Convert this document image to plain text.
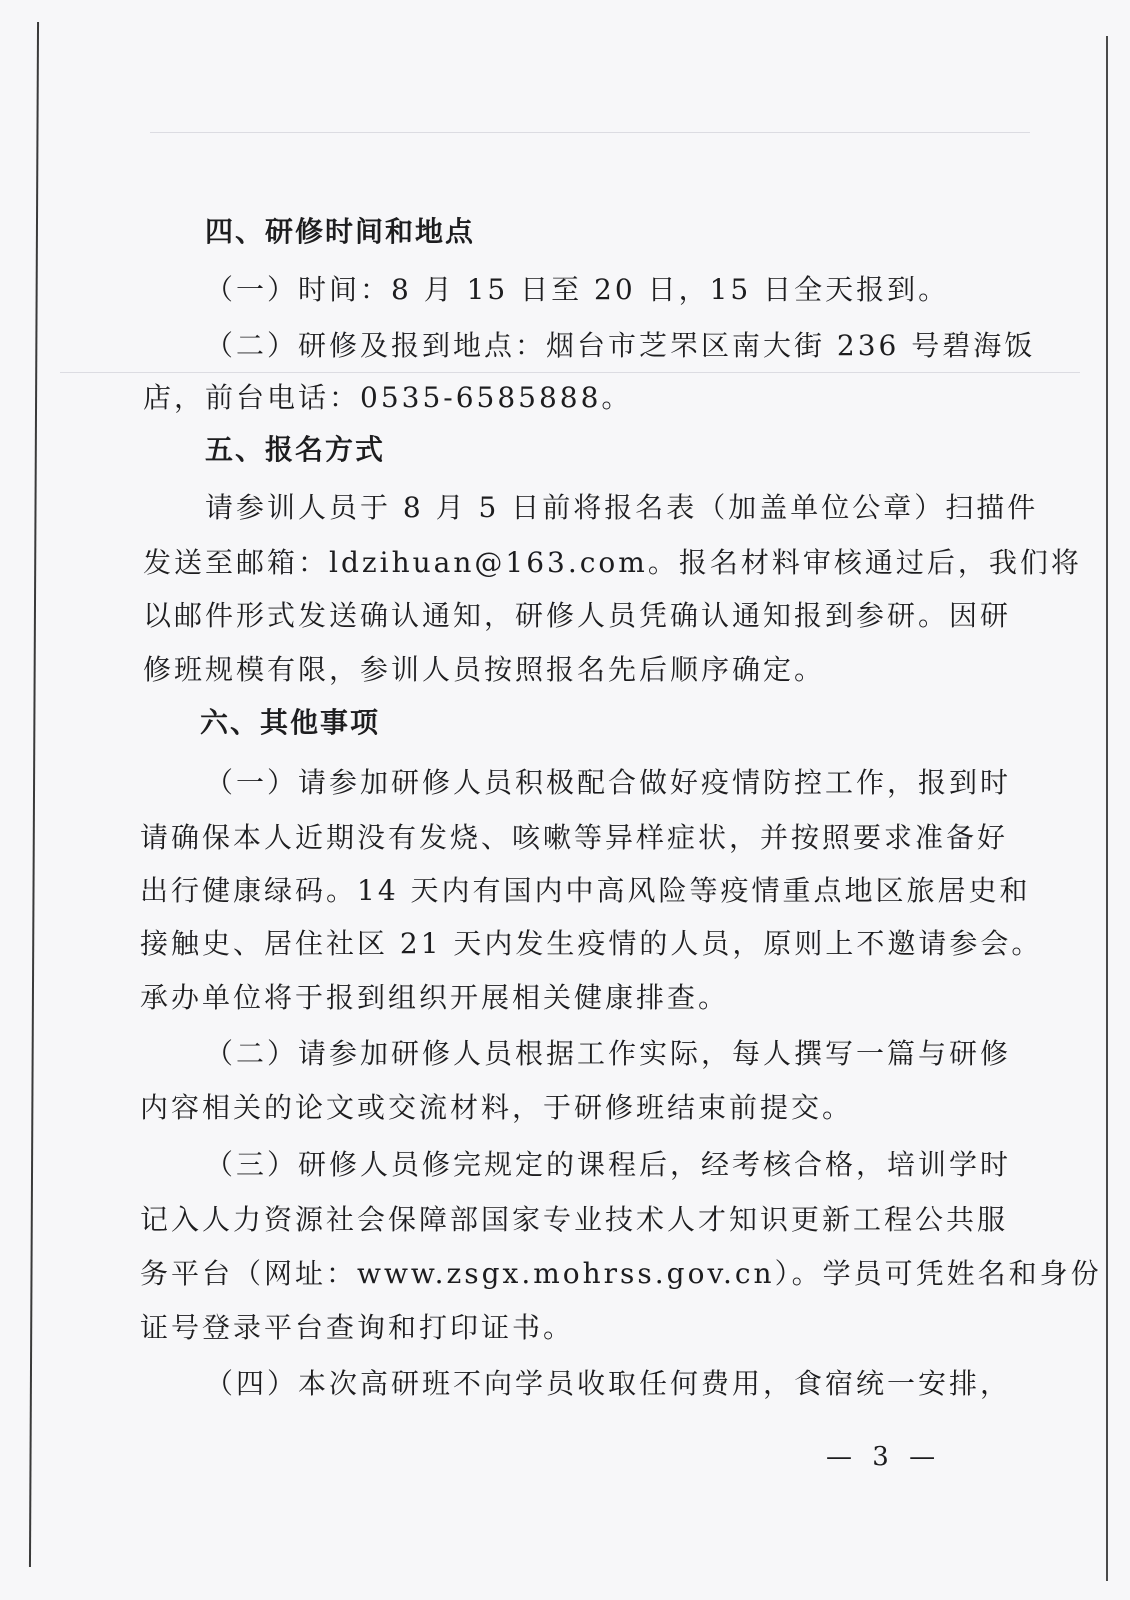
四、研修时间和地点
（一）时间：8 月 15 日至 20 日，15 日全天报到。
（二）研修及报到地点：烟台市芝罘区南大街 236 号碧海饭
店，前台电话：0535-6585888。
五、报名方式
请参训人员于 8 月 5 日前将报名表（加盖单位公章）扫描件
发送至邮箱：ldzihuan@163.com。报名材料审核通过后，我们将
以邮件形式发送确认通知，研修人员凭确认通知报到参研。因研
修班规模有限，参训人员按照报名先后顺序确定。
六、其他事项
（一）请参加研修人员积极配合做好疫情防控工作，报到时
请确保本人近期没有发烧、咳嗽等异样症状，并按照要求准备好
出行健康绿码。14 天内有国内中高风险等疫情重点地区旅居史和
接触史、居住社区 21 天内发生疫情的人员，原则上不邀请参会。
承办单位将于报到组织开展相关健康排查。
（二）请参加研修人员根据工作实际，每人撰写一篇与研修
内容相关的论文或交流材料，于研修班结束前提交。
（三）研修人员修完规定的课程后，经考核合格，培训学时
记入人力资源社会保障部国家专业技术人才知识更新工程公共服
务平台（网址：www.zsgx.mohrss.gov.cn）。学员可凭姓名和身份
证号登录平台查询和打印证书。
（四）本次高研班不向学员收取任何费用，食宿统一安排，
— 3 —
